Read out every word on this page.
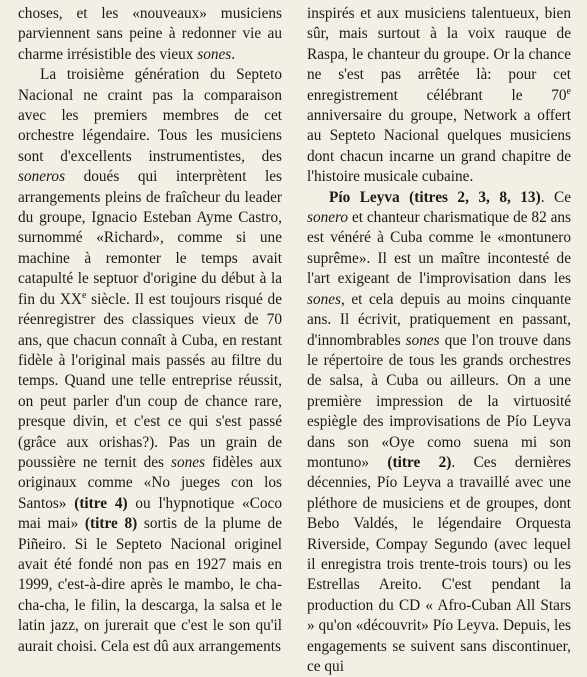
choses, et les «nouveaux» musiciens parviennent sans peine à redonner vie au charme irrésistible des vieux sones.

La troisième génération du Septeto Nacional ne craint pas la comparaison avec les premiers membres de cet orchestre légendaire. Tous les musiciens sont d'excellents instrumentistes, des soneros doués qui interprètent les arrangements pleins de fraîcheur du leader du groupe, Ignacio Esteban Ayme Castro, surnommé «Richard», comme si une machine à remonter le temps avait catapulté le septuor d'origine du début à la fin du XXe siècle. Il est toujours risqué de réenregistrer des classiques vieux de 70 ans, que chacun connaît à Cuba, en restant fidèle à l'original mais passés au filtre du temps. Quand une telle entreprise réussit, on peut parler d'un coup de chance rare, presque divin, et c'est ce qui s'est passé (grâce aux orishas?). Pas un grain de poussière ne ternit des sones fidèles aux originaux comme «No jueges con los Santos» (titre 4) ou l'hypnotique «Coco mai mai» (titre 8) sortis de la plume de Piñeiro. Si le Septeto Nacional originel avait été fondé non pas en 1927 mais en 1999, c'est-à-dire après le mambo, le cha-cha-cha, le filin, la descarga, la salsa et le latin jazz, on jurerait que c'est le son qu'il aurait choisi. Cela est dû aux arrangements

inspirés et aux musiciens talentueux, bien sûr, mais surtout à la voix rauque de Raspa, le chanteur du groupe. Or la chance ne s'est pas arrêtée là: pour cet enregistrement célébrant le 70e anniversaire du groupe, Network a offert au Septeto Nacional quelques musiciens dont chacun incarne un grand chapitre de l'histoire musicale cubaine.

Pío Leyva (titres 2, 3, 8, 13). Ce sonero et chanteur charismatique de 82 ans est vénéré à Cuba comme le «montunero suprême». Il est un maître incontesté de l'art exigeant de l'improvisation dans les sones, et cela depuis au moins cinquante ans. Il écrivit, pratiquement en passant, d'innombrables sones que l'on trouve dans le répertoire de tous les grands orchestres de salsa, à Cuba ou ailleurs. On a une première impression de la virtuosité espiègle des improvisations de Pío Leyva dans son «Oye como suena mi son montuno» (titre 2). Ces dernières décennies, Pío Leyva a travaillé avec une pléthore de musiciens et de groupes, dont Bebo Valdés, le légendaire Orquesta Riverside, Compay Segundo (avec lequel il enregistra trois trente-trois tours) ou les Estrellas Areito. C'est pendant la production du CD « Afro-Cuban All Stars » qu'on «découvrit» Pío Leyva. Depuis, les engagements se suivent sans discontinuer, ce qui
